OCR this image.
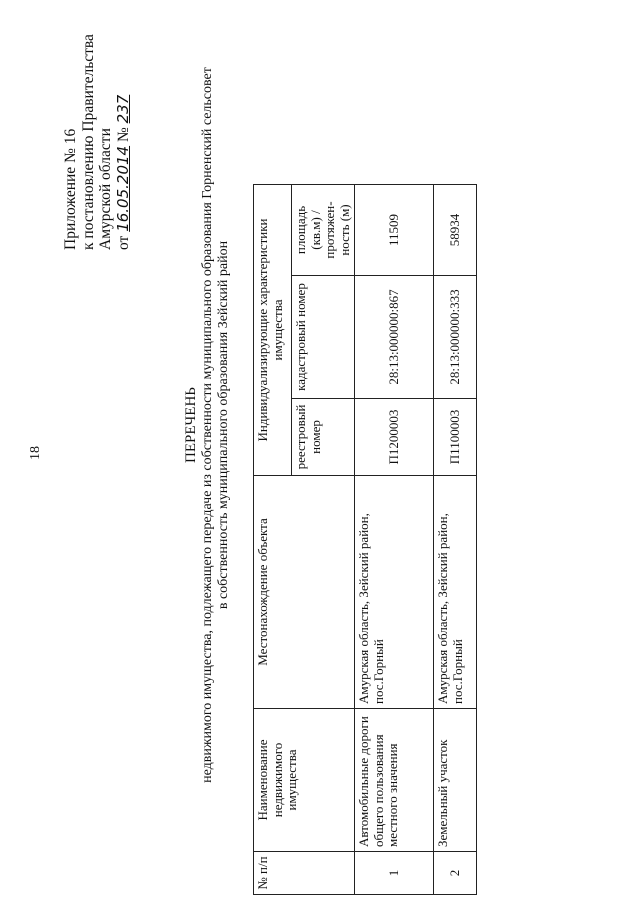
18
Приложение № 16 к постановлению Правительства Амурской области от 16.05.2014 № 237
ПЕРЕЧЕНЬ недвижимого имущества, подлежащего передаче из собственности муниципального образования Горненский сельсовет в собственность муниципального образования Зейский район
№ п/п	Наименование недвижимого имущества	Местонахождение объекта	Индивидуализирующие характеристики имущества		
			реестровый номер	кадастровый номер	площадь (кв.м) / протяжен-ность (м)
1	Автомобильные дороги общего пользования местного значения	Амурская область, Зейский район, пос.Горный	П1200003	28:13:000000:867	11509
2	Земельный участок	Амурская область, Зейский район, пос.Горный	П1100003	28:13:000000:333	58934
